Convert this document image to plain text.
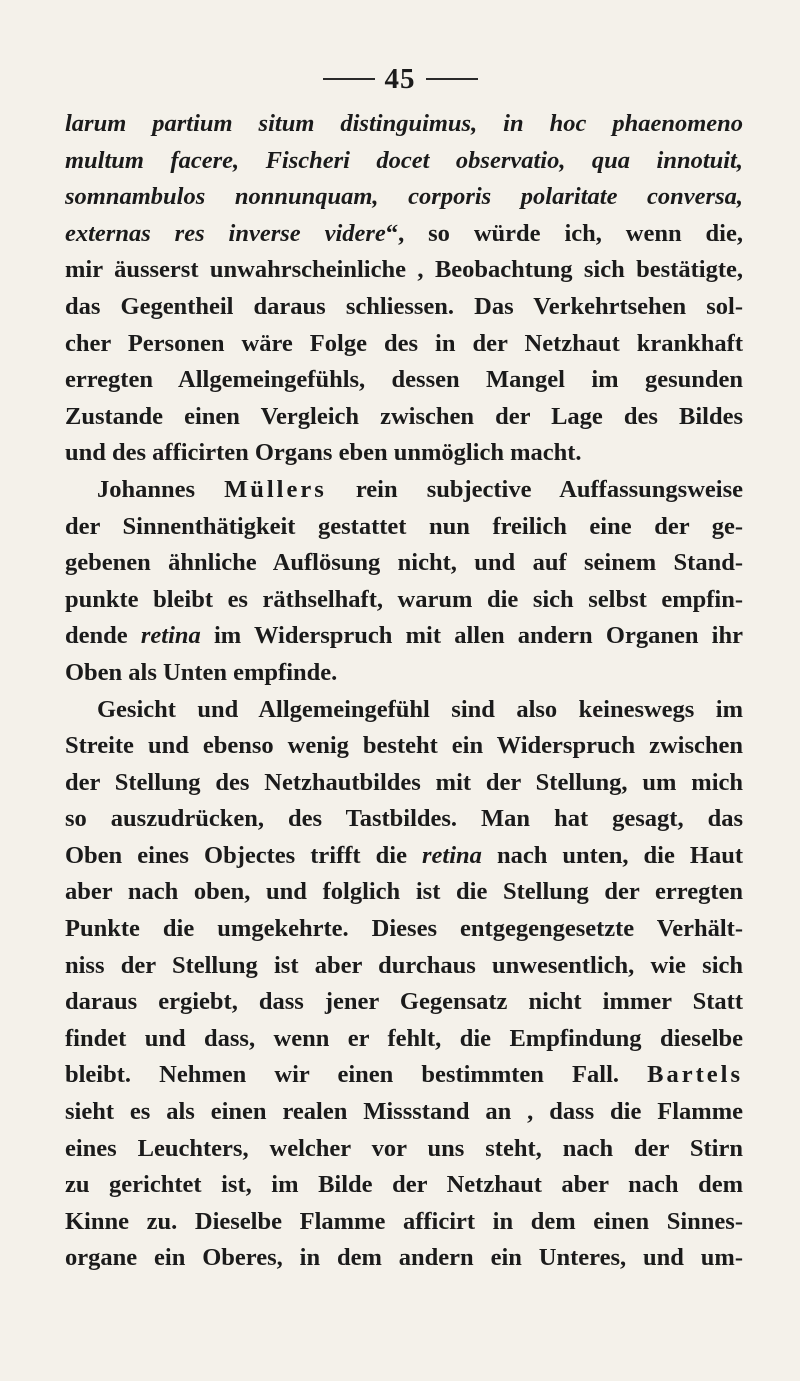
45
larum partium situm distinguimus, in hoc phaenomeno
multum facere, Fischeri docet observatio, qua innotuit,
somnambulos nonnunquam, corporis polaritate conversa,
externas res inverse videre“, so würde ich, wenn die,
mir äusserst unwahrscheinliche , Beobachtung sich bestätigte,
das Gegentheil daraus schliessen. Das Verkehrtsehen sol-
cher Personen wäre Folge des in der Netzhaut krankhaft
erregten Allgemeingefühls, dessen Mangel im gesunden
Zustande einen Vergleich zwischen der Lage des Bildes
und des afficirten Organs eben unmöglich macht.
Johannes Müllers rein subjective Auffassungsweise
der Sinnenthätigkeit gestattet nun freilich eine der ge-
gebenen ähnliche Auflösung nicht, und auf seinem Stand-
punkte bleibt es räthselhaft, warum die sich selbst empfin-
dende retina im Widerspruch mit allen andern Organen ihr
Oben als Unten empfinde.
Gesicht und Allgemeingefühl sind also keineswegs im
Streite und ebenso wenig besteht ein Widerspruch zwischen
der Stellung des Netzhautbildes mit der Stellung, um mich
so auszudrücken, des Tastbildes. Man hat gesagt, das
Oben eines Objectes trifft die retina nach unten, die Haut
aber nach oben, und folglich ist die Stellung der erregten
Punkte die umgekehrte. Dieses entgegengesetzte Verhält-
niss der Stellung ist aber durchaus unwesentlich, wie sich
daraus ergiebt, dass jener Gegensatz nicht immer Statt
findet und dass, wenn er fehlt, die Empfindung dieselbe
bleibt. Nehmen wir einen bestimmten Fall. Bartels
sieht es als einen realen Missstand an , dass die Flamme
eines Leuchters, welcher vor uns steht, nach der Stirn
zu gerichtet ist, im Bilde der Netzhaut aber nach dem
Kinne zu. Dieselbe Flamme afficirt in dem einen Sinnes-
organe ein Oberes, in dem andern ein Unteres, und um-
